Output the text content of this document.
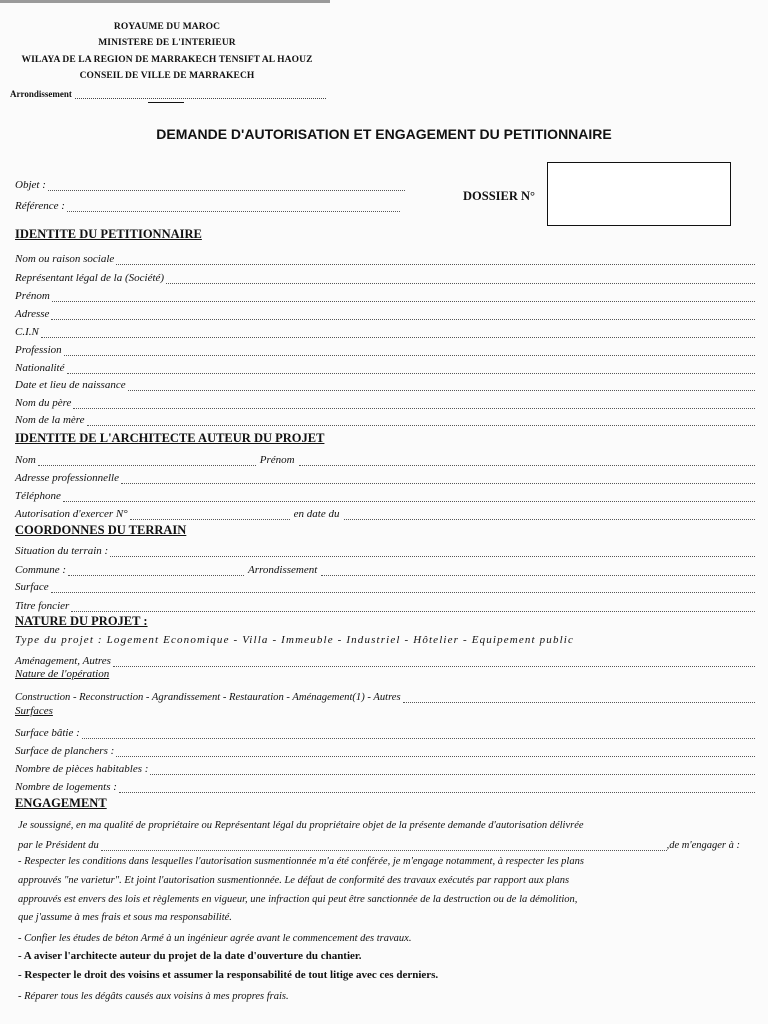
ROYAUME DU MAROC
MINISTERE DE L'INTERIEUR
WILAYA DE LA REGION DE MARRAKECH TENSIFT AL HAOUZ
CONSEIL DE VILLE DE MARRAKECH
Arrondissement
DEMANDE D'AUTORISATION ET ENGAGEMENT DU PETITIONNAIRE
Objet :
Référence :
DOSSIER N°
IDENTITE DU PETITIONNAIRE
Nom ou raison sociale
Représentant légal de la (Société)
Prénom
Adresse
C.I.N
Profession
Nationalité
Date et lieu de naissance
Nom du père
Nom de la mère
IDENTITE DE L'ARCHITECTE AUTEUR DU PROJET
Nom	Prénom
Adresse professionnelle
Téléphone
Autorisation d'exercer N°	en date du
COORDONNES DU TERRAIN
Situation du terrain :
Commune :	Arrondissement
Surface
Titre foncier
NATURE DU PROJET :
Type du projet : Logement Economique - Villa - Immeuble - Industriel - Hôtelier - Equipement public
Aménagement, Autres
Nature de l'opération
Construction - Reconstruction - Agrandissement - Restauration - Aménagement(1) - Autres
Surfaces
Surface bâtie :
Surface de planchers :
Nombre de pièces habitables :
Nombre de logements :
ENGAGEMENT
Je soussigné, en ma qualité de propriétaire ou Représentant légal du propriétaire objet de la présente demande d'autorisation délivrée
par le Président du	,de m'engager à :
- Respecter les conditions dans lesquelles l'autorisation susmentionnée m'a été conférée, je m'engage notamment, à respecter les plans
approuvés "ne varietur". Et joint l'autorisation susmentionnée. Le défaut de conformité des travaux exécutés par rapport aux plans
approuvés est envers des lois et règlements en vigueur, une infraction qui peut être sanctionnée de la destruction ou de la démolition,
que j'assume à mes frais et sous ma responsabilité.
- Confier les études de béton Armé à un ingénieur agrée avant le commencement des travaux.
- A aviser l'architecte auteur du projet de la date d'ouverture du chantier.
- Respecter le droit des voisins et assumer la responsabilité de tout litige avec ces derniers.
- Réparer tous les dégâts causés aux voisins à mes propres frais.
